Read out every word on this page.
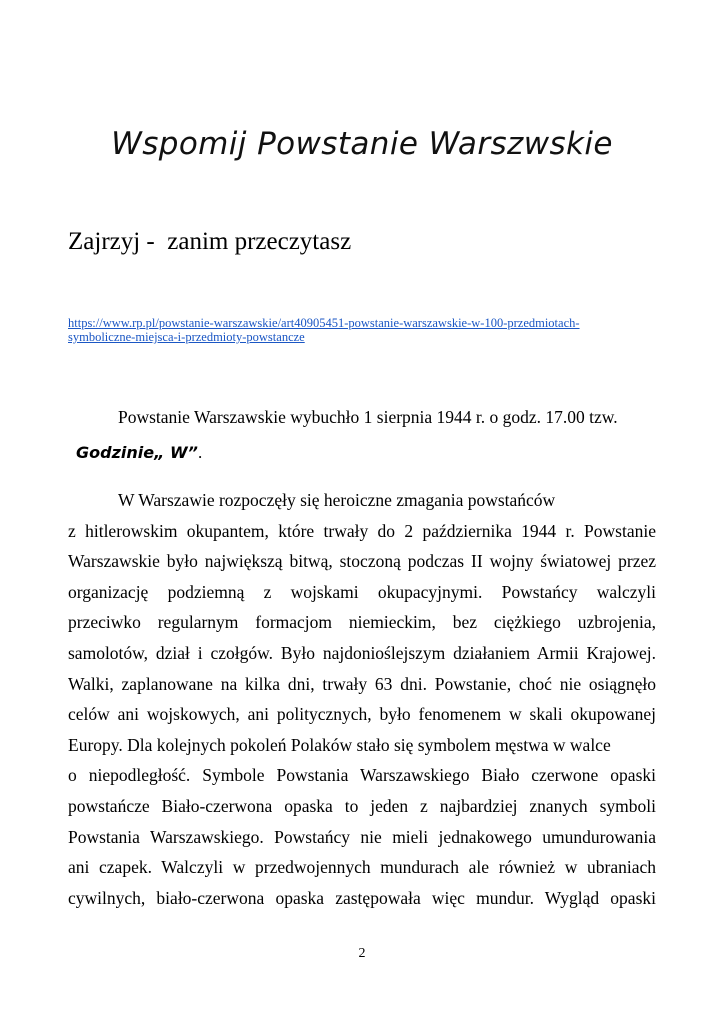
Wspomij Powstanie Warszwskie
Zajrzyj -  zanim przeczytasz
https://www.rp.pl/powstanie-warszawskie/art40905451-powstanie-warszawskie-w-100-przedmiotach-
symboliczne-miejsca-i-przedmioty-powstancze
Powstanie Warszawskie wybuchło 1 sierpnia 1944 r. o godz. 17.00 tzw.
Godzinie„ W”.
W Warszawie rozpoczęły się heroiczne zmagania powstańców
z hitlerowskim okupantem, które trwały do 2 października 1944 r. Powstanie
Warszawskie było największą bitwą, stoczoną podczas II wojny światowej przez
organizację podziemną z wojskami okupacyjnymi. Powstańcy walczyli
przeciwko regularnym formacjom niemieckim, bez ciężkiego uzbrojenia,
samolotów, dział i czołgów. Było najdonioślejszym działaniem Armii Krajowej.
Walki, zaplanowane na kilka dni, trwały 63 dni. Powstanie, choć nie osiągnęło
celów ani wojskowych, ani politycznych, było fenomenem w skali okupowanej
Europy. Dla kolejnych pokoleń Polaków stało się symbolem męstwa w walce
o niepodległość. Symbole Powstania Warszawskiego Biało czerwone opaski
powstańcze Biało-czerwona opaska to jeden z najbardziej znanych symboli
Powstania Warszawskiego. Powstańcy nie mieli jednakowego umundurowania
ani czapek. Walczyli w przedwojennych mundurach ale również w ubraniach
cywilnych, biało-czerwona opaska zastępowała więc mundur. Wygląd opaski
2
